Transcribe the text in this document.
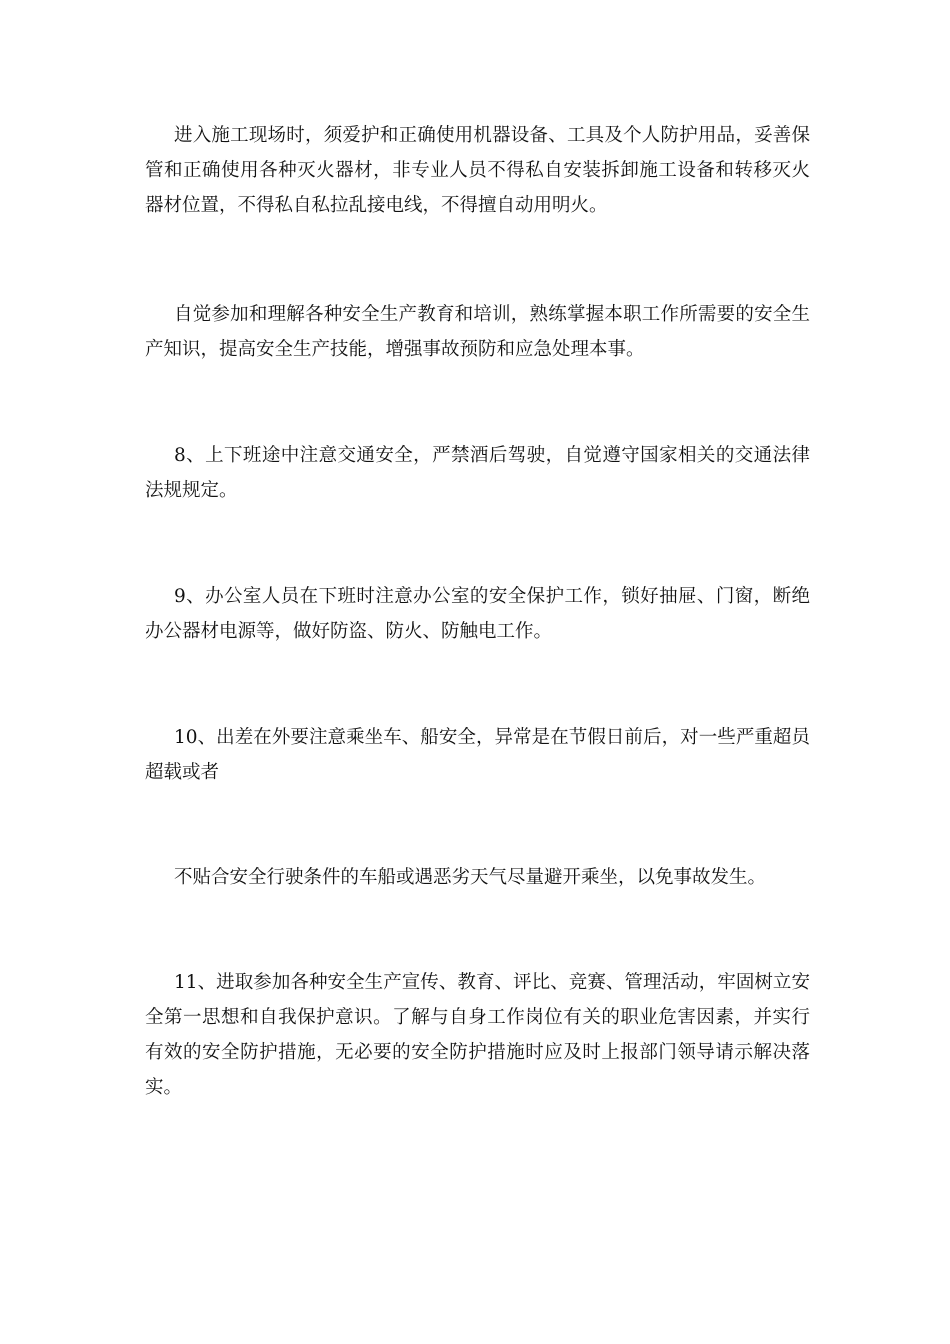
进入施工现场时，须爱护和正确使用机器设备、工具及个人防护用品，妥善保管和正确使用各种灭火器材，非专业人员不得私自安装拆卸施工设备和转移灭火器材位置，不得私自私拉乱接电线，不得擅自动用明火。

自觉参加和理解各种安全生产教育和培训，熟练掌握本职工作所需要的安全生产知识，提高安全生产技能，增强事故预防和应急处理本事。

8、上下班途中注意交通安全，严禁酒后驾驶，自觉遵守国家相关的交通法律法规规定。

9、办公室人员在下班时注意办公室的安全保护工作，锁好抽屉、门窗，断绝办公器材电源等，做好防盗、防火、防触电工作。

10、出差在外要注意乘坐车、船安全，异常是在节假日前后，对一些严重超员超载或者

不贴合安全行驶条件的车船或遇恶劣天气尽量避开乘坐，以免事故发生。

11、进取参加各种安全生产宣传、教育、评比、竞赛、管理活动，牢固树立安全第一思想和自我保护意识。了解与自身工作岗位有关的职业危害因素，并实行有效的安全防护措施，无必要的安全防护措施时应及时上报部门领导请示解决落实。
